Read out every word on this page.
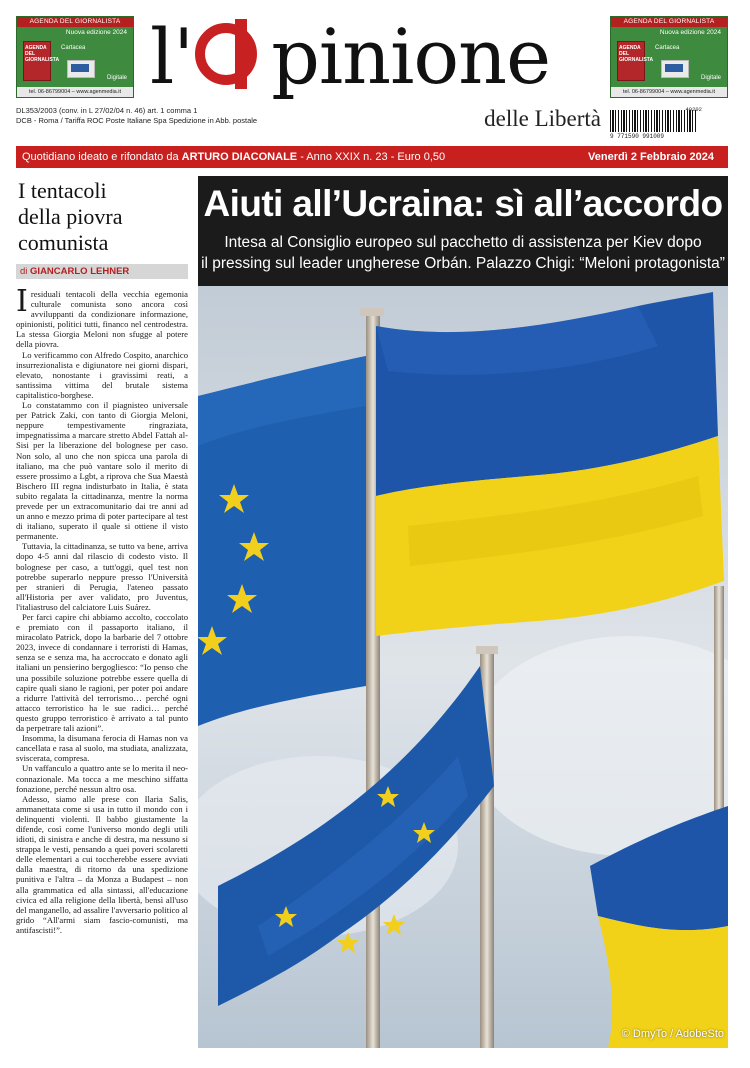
AGENDA DEL GIORNALISTA
Nuova edizione 2024
AGENDA DEL GIORNALISTA
Cartacea
Digitale
tel. 06-86799004 – www.agenmedia.it l' pinione
delle Libertà
AGENDA DEL GIORNALISTA
Nuova edizione 2024
AGENDA DEL GIORNALISTA
Cartacea
Digitale
tel. 06-86799004 – www.agenmedia.it
DL353/2003 (conv. in L 27/02/04 n. 46) art. 1 comma 1
DCB - Roma / Tariffa ROC Poste Italiane Spa Spedizione in Abb. postale
40202
9 771590 991009
Quotidiano ideato e rifondato da ARTURO DIACONALE - Anno XXIX n. 23 - Euro 0,50	Venerdì 2 Febbraio 2024
I tentacoli
della piovra
comunista
di GIANCARLO LEHNER

Iresiduali tentacoli della vecchia egemonia culturale comunista sono ancora così avviluppanti da condizionare informazione, opinionisti, politici tutti, financo nel centrodestra. La stessa Giorgia Meloni non sfugge al potere della piovra.

Lo verificammo con Alfredo Cospito, anarchico insurrezionalista e digiunatore nei giorni dispari, elevato, nonostante i gravissimi reati, a santissima vittima del brutale sistema capitalistico-borghese.

Lo constatammo con il piagnisteo universale per Patrick Zaki, con tanto di Giorgia Meloni, neppure tempestivamente ringraziata, impegnatissima a marcare stretto Abdel Fattah al-Sisi per la liberazione del bolognese per caso. Non solo, al uno che non spicca una parola di italiano, ma che può vantare solo il merito di essere prossimo a Lgbt, a riprova che Sua Maestà Bischero III regna indisturbato in Italia, è stata subito regalata la cittadinanza, mentre la norma prevede per un extracomunitario dai tre anni ad un anno e mezzo prima di poter partecipare al test di italiano, superato il quale si ottiene il visto permanente.

Tuttavia, la cittadinanza, se tutto va bene, arriva dopo 4-5 anni dal rilascio di codesto visto. Il bolognese per caso, a tutt'oggi, quel test non potrebbe superarlo neppure presso l'Università per stranieri di Perugia, l'ateneo passato all'Historia per aver validato, pro Juventus, l'italiastruso del calciatore Luis Suárez.

Per farci capire chi abbiamo accolto, coccolato e premiato con il passaporto italiano, il miracolato Patrick, dopo la barbarie del 7 ottobre 2023, invece di condannare i terroristi di Hamas, senza se e senza ma, ha accroccato e donato agli italiani un pensierino bergogliesco: “Io penso che una possibile soluzione potrebbe essere quella di capire quali siano le ragioni, per poter poi andare a ridurre l'attività del terrorismo… perché ogni attacco terroristico ha le sue radici… perché questo gruppo terroristico è arrivato a tal punto da perpetrare tali azioni”.

Insomma, la disumana ferocia di Hamas non va cancellata e rasa al suolo, ma studiata, analizzata, sviscerata, compresa.

Un vaffanculo a quattro ante se lo merita il neo-connazionale. Ma tocca a me meschino siffatta fonazione, perché nessun altro osa.

Adesso, siamo alle prese con Ilaria Salis, ammanettata come si usa in tutto il mondo con i delinquenti violenti. Il babbo giustamente la difende, così come l'universo mondo degli utili idioti, di sinistra e anche di destra, ma nessuno si strappa le vesti, pensando a quei poveri scolaretti delle elementari a cui toccherebbe essere avviati dalla maestra, di ritorno da una spedizione punitiva e l'altra – da Monza a Budapest – non alla grammatica ed alla sintassi, all'educazione civica ed alla religione della libertà, bensì all'uso del manganello, ad assalire l'avversario politico al grido “All'armi siam fascio-comunisti, ma antifascisti!”.

Aiuti all’Ucraina: sì all’accordo
Intesa al Consiglio europeo sul pacchetto di assistenza per Kiev dopo
il pressing sul leader ungherese Orbán. Palazzo Chigi: “Meloni protagonista”
© DmyTo / AdobeSto
